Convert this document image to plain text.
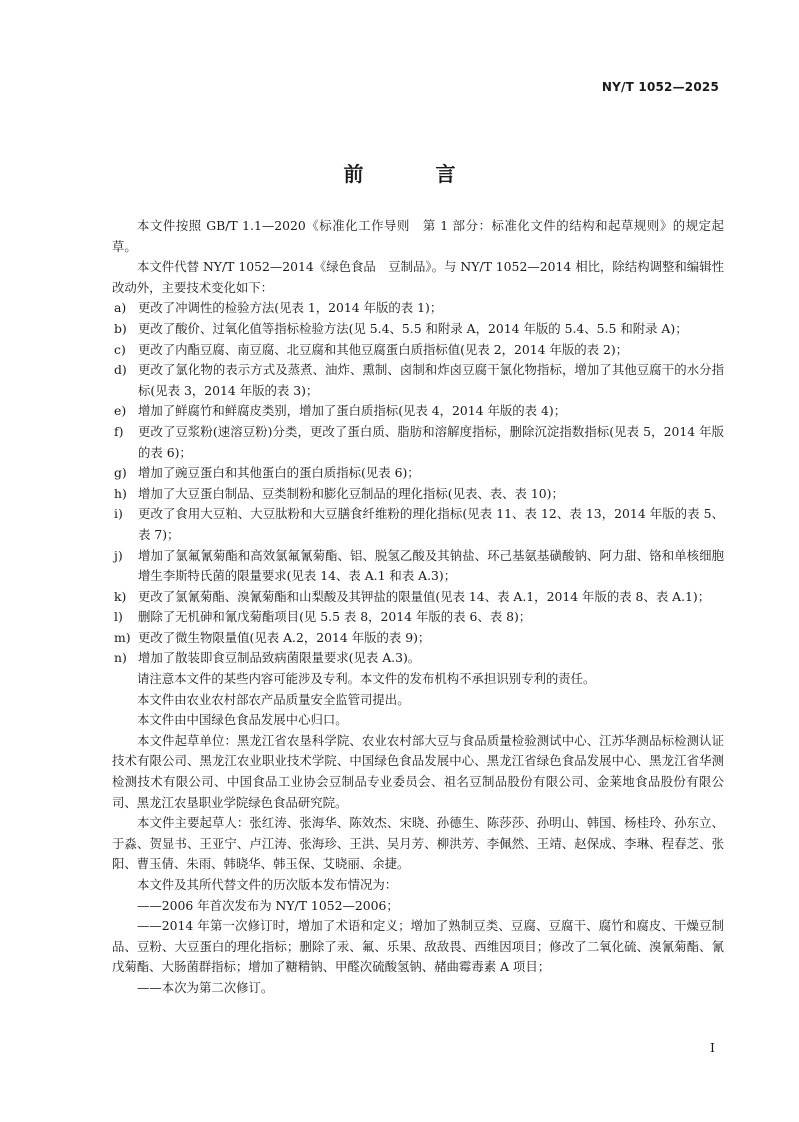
NY/T 1052—2025
前　言

本文件按照 GB/T 1.1—2020《标准化工作导则　第 1 部分：标准化文件的结构和起草规则》的规定起草。

本文件代替 NY/T 1052—2014《绿色食品　豆制品》。与 NY/T 1052—2014 相比，除结构调整和编辑性改动外，主要技术变化如下：

a) 更改了冲调性的检验方法(见表 1，2014 年版的表 1)；
b) 更改了酸价、过氧化值等指标检验方法(见 5.4、5.5 和附录 A，2014 年版的 5.4、5.5 和附录 A)；
c) 更改了内酯豆腐、南豆腐、北豆腐和其他豆腐蛋白质指标值(见表 2，2014 年版的表 2)；
d) 更改了氯化物的表示方式及蒸煮、油炸、熏制、卤制和炸卤豆腐干氯化物指标，增加了其他豆腐干的水分指标(见表 3，2014 年版的表 3)；
e) 增加了鲜腐竹和鲜腐皮类别，增加了蛋白质指标(见表 4，2014 年版的表 4)；
f)	更改了豆浆粉(速溶豆粉)分类，更改了蛋白质、脂肪和溶解度指标，删除沉淀指数指标(见表 5，2014 年版的表 6)；
g) 增加了豌豆蛋白和其他蛋白的蛋白质指标(见表 6)；
h) 增加了大豆蛋白制品、豆类制粉和膨化豆制品的理化指标(见表、表、表 10)；
i)	更改了食用大豆粕、大豆肽粉和大豆膳食纤维粉的理化指标(见表 11、表 12、表 13，2014 年版的表 5、表 7)；
j)	增加了氯氟氰菊酯和高效氯氟氰菊酯、铝、脱氢乙酸及其钠盐、环己基氨基磺酸钠、阿力甜、铬和单核细胞增生李斯特氏菌的限量要求(见表 14、表 A.1 和表 A.3)；
k) 更改了氯氰菊酯、溴氰菊酯和山梨酸及其钾盐的限量值(见表 14、表 A.1，2014 年版的表 8、表 A.1)；
l)	删除了无机砷和氰戊菊酯项目(见 5.5 表 8，2014 年版的表 6、表 8)；
m) 更改了微生物限量值(见表 A.2，2014 年版的表 9)；
n) 增加了散装即食豆制品致病菌限量要求(见表 A.3)。

请注意本文件的某些内容可能涉及专利。本文件的发布机构不承担识别专利的责任。

本文件由农业农村部农产品质量安全监管司提出。

本文件由中国绿色食品发展中心归口。

本文件起草单位：黑龙江省农垦科学院、农业农村部大豆与食品质量检验测试中心、江苏华测品标检测认证技术有限公司、黑龙江农业职业技术学院、中国绿色食品发展中心、黑龙江省绿色食品发展中心、黑龙江省华测检测技术有限公司、中国食品工业协会豆制品专业委员会、祖名豆制品股份有限公司、金莱地食品股份有限公司、黑龙江农垦职业学院绿色食品研究院。

本文件主要起草人：张红涛、张海华、陈效杰、宋晓、孙德生、陈莎莎、孙明山、韩国、杨桂玲、孙东立、于淼、贺显书、王亚宁、卢江涛、张海珍、王洪、吴月芳、柳洪芳、李佩然、王靖、赵保成、李琳、程春芝、张阳、曹玉倩、朱雨、韩晓华、韩玉保、艾晓丽、余捷。

本文件及其所代替文件的历次版本发布情况为：

——2006 年首次发布为 NY/T 1052—2006；

——2014 年第一次修订时，增加了术语和定义；增加了熟制豆类、豆腐、豆腐干、腐竹和腐皮、干燥豆制品、豆粉、大豆蛋白的理化指标；删除了汞、氟、乐果、敌敌畏、西维因项目；修改了二氧化硫、溴氰菊酯、氰戊菊酯、大肠菌群指标；增加了糖精钠、甲醛次硫酸氢钠、赭曲霉毒素 A 项目；

——本次为第二次修订。

I
